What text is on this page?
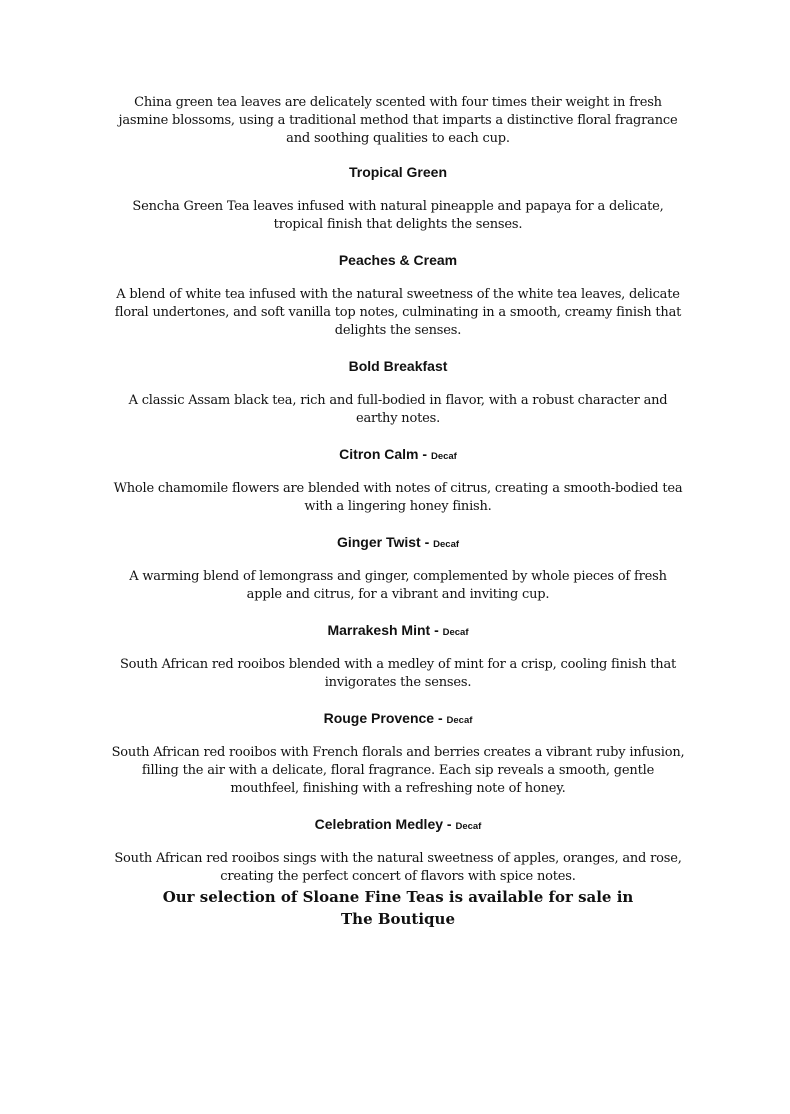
China green tea leaves are delicately scented with four times their weight in fresh jasmine blossoms, using a traditional method that imparts a distinctive floral fragrance and soothing qualities to each cup.

Tropical Green

Sencha Green Tea leaves infused with natural pineapple and papaya for a delicate, tropical finish that delights the senses.

Peaches & Cream

A blend of white tea infused with the natural sweetness of the white tea leaves, delicate floral undertones, and soft vanilla top notes, culminating in a smooth, creamy finish that delights the senses.

Bold Breakfast

A classic Assam black tea, rich and full-bodied in flavor, with a robust character and earthy notes.

Citron Calm - Decaf

Whole chamomile flowers are blended with notes of citrus, creating a smooth-bodied tea with a lingering honey finish.

Ginger Twist - Decaf

A warming blend of lemongrass and ginger, complemented by whole pieces of fresh apple and citrus, for a vibrant and inviting cup.

Marrakesh Mint - Decaf

South African red rooibos blended with a medley of mint for a crisp, cooling finish that invigorates the senses.

Rouge Provence - Decaf

South African red rooibos with French florals and berries creates a vibrant ruby infusion, filling the air with a delicate, floral fragrance. Each sip reveals a smooth, gentle mouthfeel, finishing with a refreshing note of honey.

Celebration Medley - Decaf

South African red rooibos sings with the natural sweetness of apples, oranges, and rose, creating the perfect concert of flavors with spice notes.

Our selection of Sloane Fine Teas is available for sale in
The Boutique
